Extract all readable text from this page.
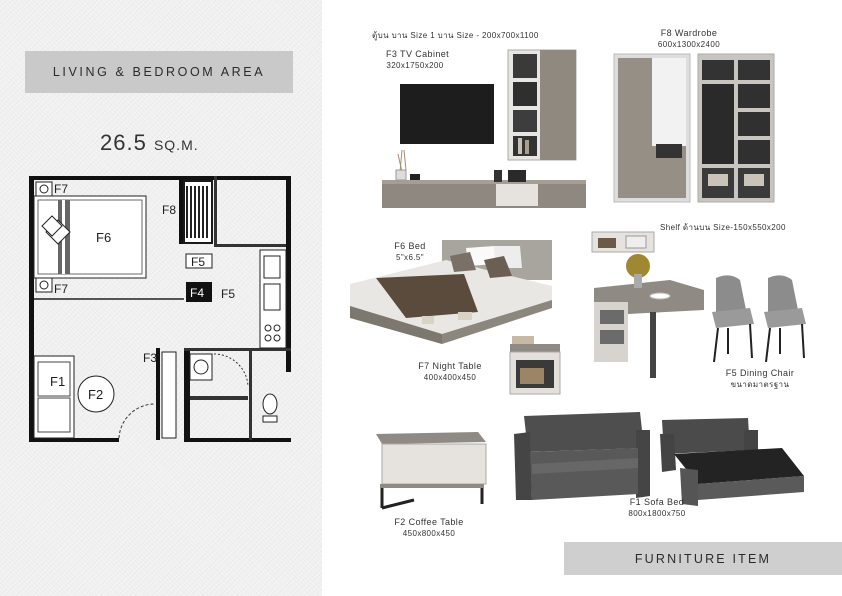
LIVING & BEDROOM AREA
26.5 SQ.M.
F7
F7
F6
F8
F5
F4 F5
F3
F1
F2
ตู้บน บาน Size 1 บาน Size - 200x700x1100
F3 TV Cabinet
320x1750x200
F8 Wardrobe
600x1300x2400
F6 Bed
5"x6.5"
Shelf ด้านบน Size-150x550x200
F5 Dining Chair
ขนาดมาตรฐาน
F7 Night Table
400x400x450
F2 Coffee Table
450x800x450
F1 Sofa Bed
800x1800x750
FURNITURE ITEM
